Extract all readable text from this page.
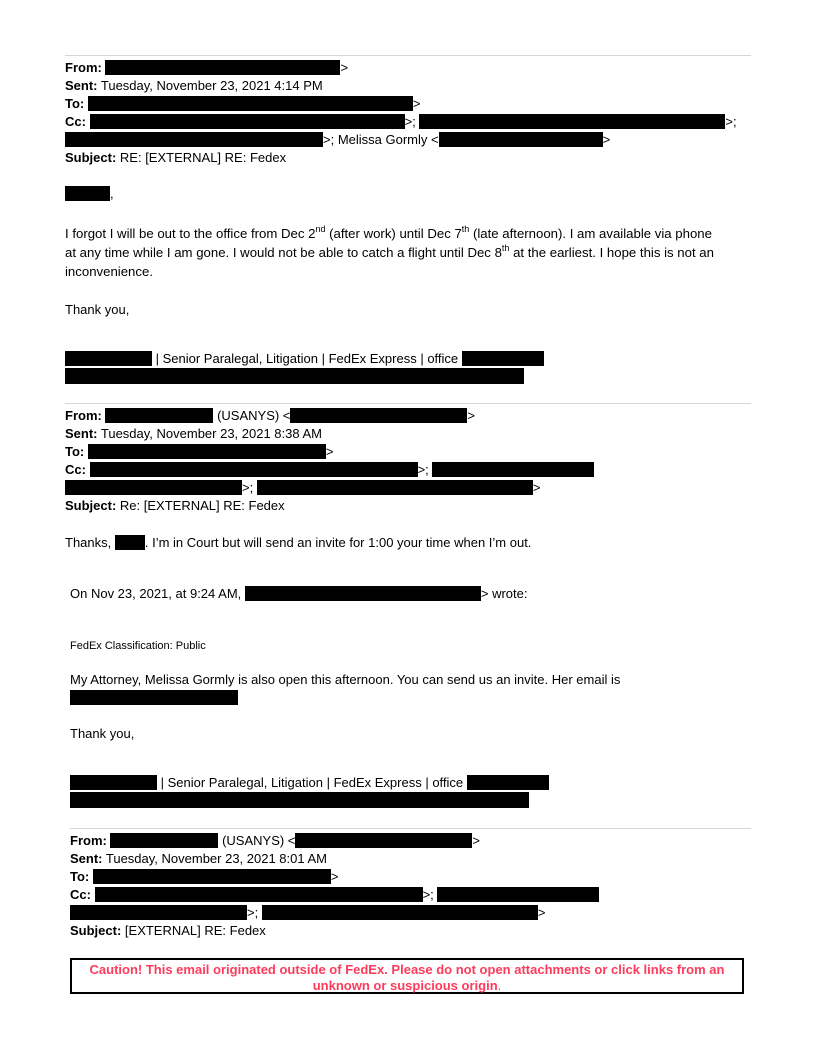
From:	>
Sent: Tuesday, November 23, 2021 4:14 PM
To:	>
Cc:	>;	>;
>; Melissa Gormly <	>
Subject: RE: [EXTERNAL] RE: Fedex
,
I forgot I will be out to the office from Dec 2nd (after work) until Dec 7th (late afternoon). I am available via phone
at any time while I am gone. I would not be able to catch a flight until Dec 8th at the earliest. I hope this is not an
inconvenience.
Thank you,
| Senior Paralegal, Litigation | FedEx Express | office
From:	(USANYS) <	>
Sent: Tuesday, November 23, 2021 8:38 AM
To:	>
Cc:	>;
>;	>
Subject: Re: [EXTERNAL] RE: Fedex
Thanks, . I’m in Court but will send an invite for 1:00 your time when I’m out.
On Nov 23, 2021, at 9:24 AM,	> wrote:
FedEx Classification: Public
My Attorney, Melissa Gormly is also open this afternoon. You can send us an invite. Her email is
Thank you,
| Senior Paralegal, Litigation | FedEx Express | office
From:	(USANYS) <	>
Sent: Tuesday, November 23, 2021 8:01 AM
To:	>
Cc:	>;
>;	>
Subject: [EXTERNAL] RE: Fedex
Caution! This email originated outside of FedEx. Please do not open attachments or click links from an
unknown or suspicious origin.
